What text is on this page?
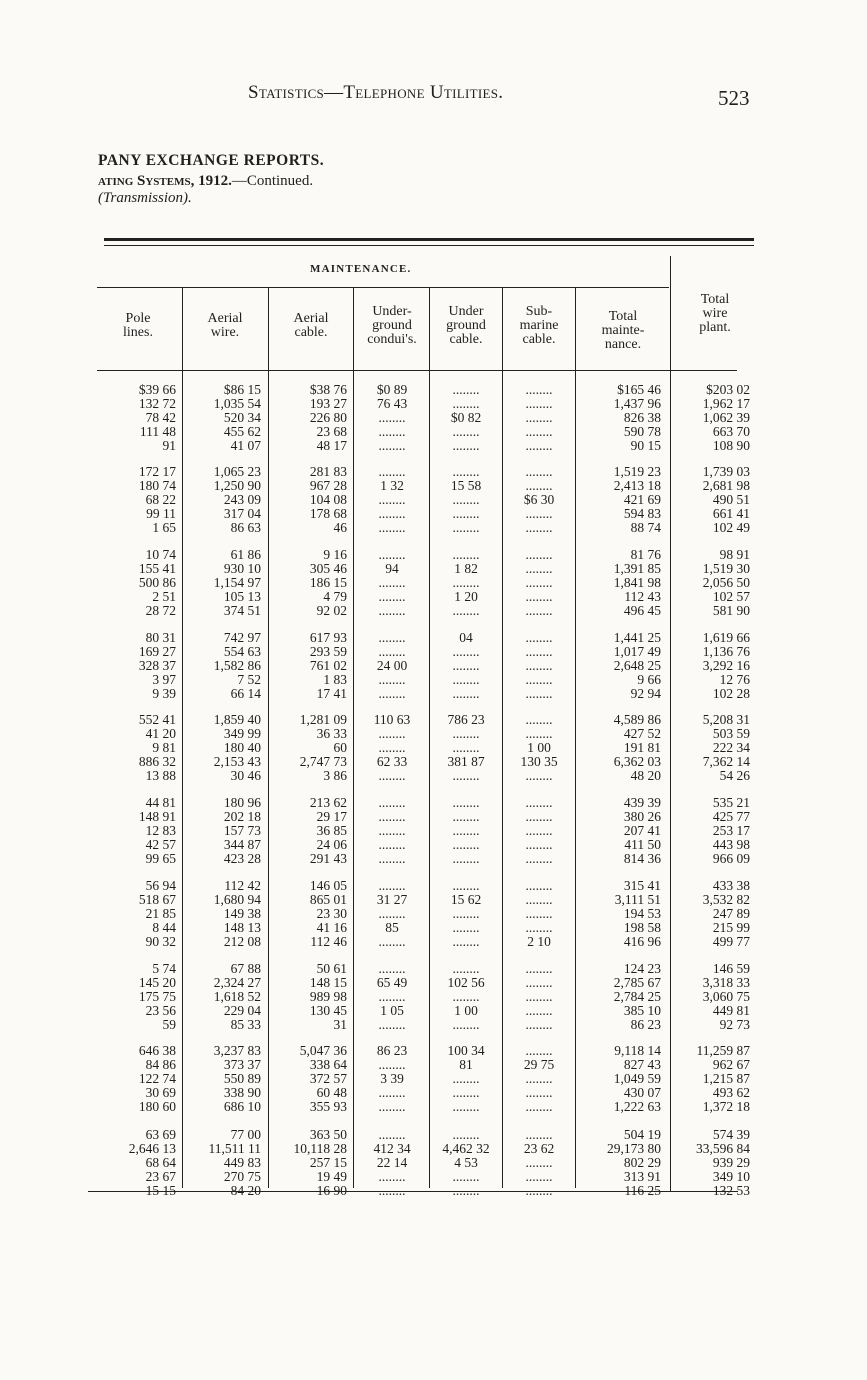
Statistics—Telephone Utilities.	523
PANY EXCHANGE REPORTS.
ating Systems, 1912.—Continued.
(Transmission).
MAINTENANCE.
Pole
lines.
Aerial
wire.
Aerial
cable.
Under-
ground
condui's.
Under
ground
cable.
Sub-
marine
cable.
Total
mainte-
nance.
Total
wire
plant.
$39 66
132 72
78 42
111 48
91
$86 15
1,035 54
520 34
455 62
41 07
$38 76
193 27
226 80
23 68
48 17
$0 89
76 43
........
........
........
........
........
$0 82
........
........
........
........
........
........
........
$165 46
1,437 96
826 38
590 78
90 15
$203 02
1,962 17
1,062 39
663 70
108 90
172 17
180 74
68 22
99 11
1 65
1,065 23
1,250 90
243 09
317 04
86 63
281 83
967 28
104 08
178 68
46
........
1 32
........
........
........
........
15 58
........
........
........
........
........
$6 30
........
........
1,519 23
2,413 18
421 69
594 83
88 74
1,739 03
2,681 98
490 51
661 41
102 49
10 74
155 41
500 86
2 51
28 72
61 86
930 10
1,154 97
105 13
374 51
9 16
305 46
186 15
4 79
92 02
........
94
........
........
........
........
1 82
........
1 20
........
........
........
........
........
........
81 76
1,391 85
1,841 98
112 43
496 45
98 91
1,519 30
2,056 50
102 57
581 90
80 31
169 27
328 37
3 97
9 39
742 97
554 63
1,582 86
7 52
66 14
617 93
293 59
761 02
1 83
17 41
........
........
24 00
........
........
04
........
........
........
........
........
........
........
........
........
1,441 25
1,017 49
2,648 25
9 66
92 94
1,619 66
1,136 76
3,292 16
12 76
102 28
552 41
41 20
9 81
886 32
13 88
1,859 40
349 99
180 40
2,153 43
30 46
1,281 09
36 33
60
2,747 73
3 86
110 63
........
........
62 33
........
786 23
........
........
381 87
........
........
........
1 00
130 35
........
4,589 86
427 52
191 81
6,362 03
48 20
5,208 31
503 59
222 34
7,362 14
54 26
44 81
148 91
12 83
42 57
99 65
180 96
202 18
157 73
344 87
423 28
213 62
29 17
36 85
24 06
291 43
........
........
........
........
........
........
........
........
........
........
........
........
........
........
........
439 39
380 26
207 41
411 50
814 36
535 21
425 77
253 17
443 98
966 09
56 94
518 67
21 85
8 44
90 32
112 42
1,680 94
149 38
148 13
212 08
146 05
865 01
23 30
41 16
112 46
........
31 27
........
85
........
........
15 62
........
........
........
........
........
........
........
2 10
315 41
3,111 51
194 53
198 58
416 96
433 38
3,532 82
247 89
215 99
499 77
5 74
145 20
175 75
23 56
59
67 88
2,324 27
1,618 52
229 04
85 33
50 61
148 15
989 98
130 45
31
........
65 49
........
1 05
........
........
102 56
........
1 00
........
........
........
........
........
........
124 23
2,785 67
2,784 25
385 10
86 23
146 59
3,318 33
3,060 75
449 81
92 73
646 38
84 86
122 74
30 69
180 60
3,237 83
373 37
550 89
338 90
686 10
5,047 36
338 64
372 57
60 48
355 93
86 23
........
3 39
........
........
100 34
81
........
........
........
........
29 75
........
........
........
9,118 14
827 43
1,049 59
430 07
1,222 63
11,259 87
962 67
1,215 87
493 62
1,372 18
63 69
2,646 13
68 64
23 67
15 15
77 00
11,511 11
449 83
270 75
84 20
363 50
10,118 28
257 15
19 49
16 90
........
412 34
22 14
........
........
........
4,462 32
4 53
........
........
........
23 62
........
........
........
504 19
29,173 80
802 29
313 91
116 25
574 39
33,596 84
939 29
349 10
132 53
